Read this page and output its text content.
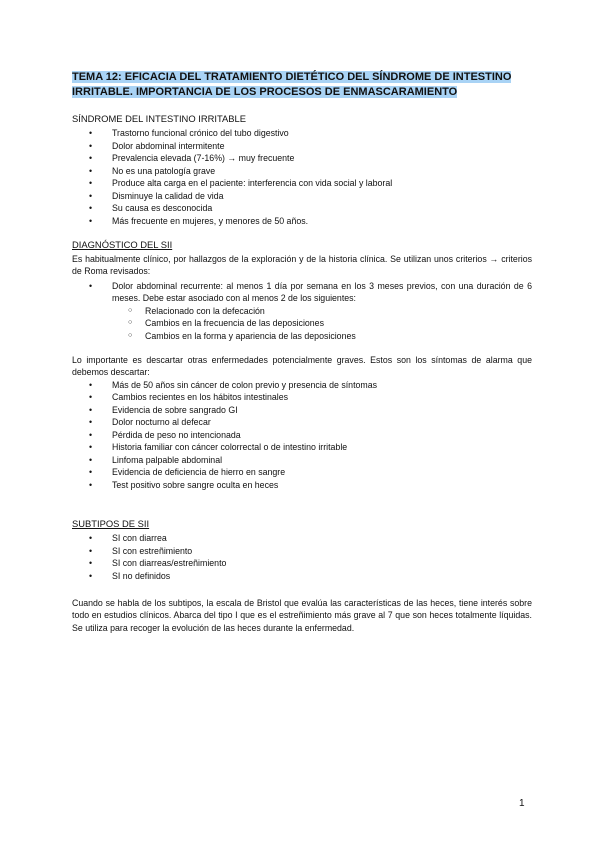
TEMA 12: EFICACIA DEL TRATAMIENTO DIETÉTICO DEL SÍNDROME DE INTESTINO
IRRITABLE. IMPORTANCIA DE LOS PROCESOS DE ENMASCARAMIENTO
SÍNDROME DEL INTESTINO IRRITABLE
• Trastorno funcional crónico del tubo digestivo
• Dolor abdominal intermitente
• Prevalencia elevada (7-16%) → muy frecuente
• No es una patología grave
• Produce alta carga en el paciente: interferencia con vida social y laboral
• Disminuye la calidad de vida
• Su causa es desconocida
• Más frecuente en mujeres, y menores de 50 años.
DIAGNÓSTICO DEL SII

Es habitualmente clínico, por hallazgos de la exploración y de la historia clínica. Se utilizan unos criterios → criterios de Roma revisados:

• Dolor abdominal recurrente: al menos 1 día por semana en los 3 meses previos, con una duración de 6 meses. Debe estar asociado con al menos 2 de los siguientes:
○ Relacionado con la defecación
○ Cambios en la frecuencia de las deposiciones
○ Cambios en la forma y apariencia de las deposiciones

Lo importante es descartar otras enfermedades potencialmente graves. Estos son los síntomas de alarma que debemos descartar:

• Más de 50 años sin cáncer de colon previo y presencia de síntomas
• Cambios recientes en los hábitos intestinales
• Evidencia de sobre sangrado GI
• Dolor nocturno al defecar
• Pérdida de peso no intencionada
• Historia familiar con cáncer colorrectal o de intestino irritable
• Linfoma palpable abdominal
• Evidencia de deficiencia de hierro en sangre
• Test positivo sobre sangre oculta en heces
SUBTIPOS DE SII
• SI con diarrea
• SI con estreñimiento
• SI con diarreas/estreñimiento
• SI no definidos

Cuando se habla de los subtipos, la escala de Bristol que evalúa las características de las heces, tiene interés sobre todo en estudios clínicos. Abarca del tipo I que es el estreñimiento más grave al 7 que son heces totalmente líquidas. Se utiliza para recoger la evolución de las heces durante la enfermedad.

1
